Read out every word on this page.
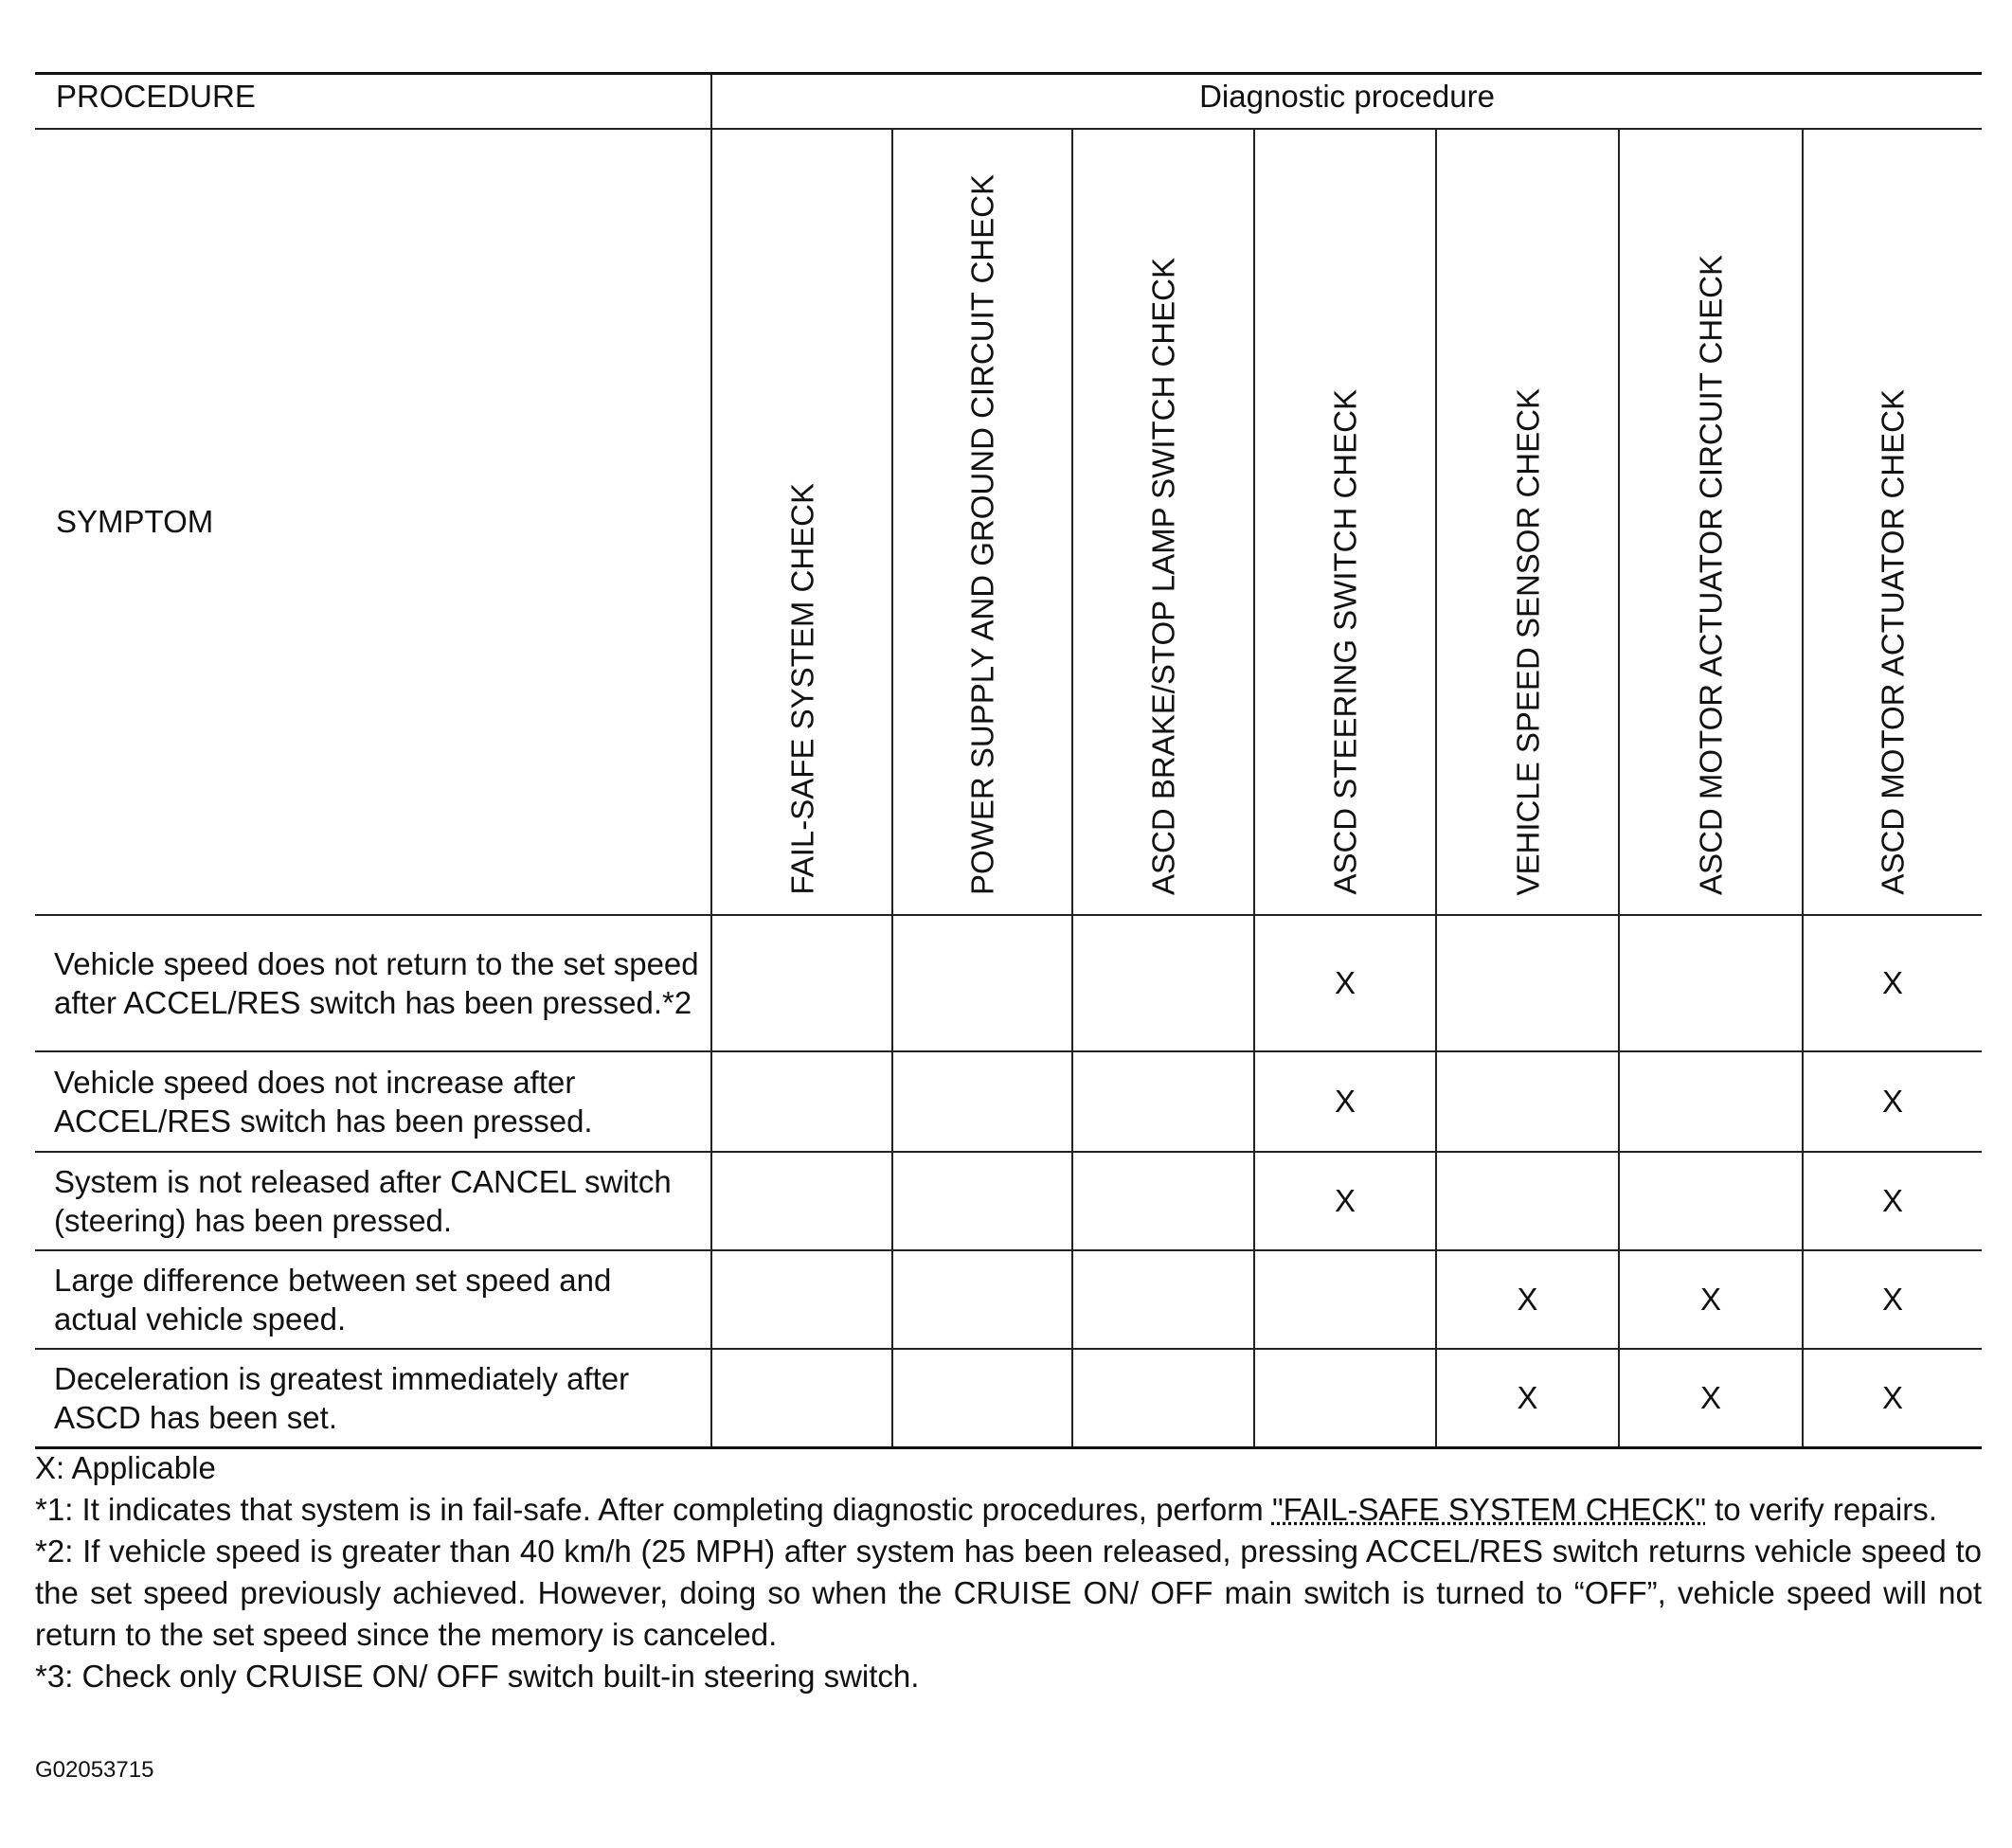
PROCEDURE	Diagnostic procedure						
SYMPTOM	FAIL-SAFE SYSTEM CHECK	POWER SUPPLY AND GROUND CIRCUIT CHECK	ASCD BRAKE/STOP LAMP SWITCH CHECK	ASCD STEERING SWITCH CHECK	VEHICLE SPEED SENSOR CHECK	ASCD MOTOR ACTUATOR CIRCUIT CHECK	ASCD MOTOR ACTUATOR CHECK

Vehicle speed does not return to the set speed after ACCEL/RES switch has been pressed.*2				X			X
Vehicle speed does not increase after ACCEL/RES switch has been pressed.				X			X
System is not released after CANCEL switch (steering) has been pressed.				X			X
Large difference between set speed and actual vehicle speed.					X	X	X
Deceleration is greatest immediately after ASCD has been set.					X	X	X

X: Applicable

*1: It indicates that system is in fail-safe. After completing diagnostic procedures, perform "FAIL-SAFE SYSTEM CHECK" to verify repairs.

*2: If vehicle speed is greater than 40 km/h (25 MPH) after system has been released, pressing ACCEL/RES switch returns vehicle speed to the set speed previously achieved. However, doing so when the CRUISE ON/ OFF main switch is turned to “OFF”, vehicle speed will not return to the set speed since the memory is canceled.

*3: Check only CRUISE ON/ OFF switch built-in steering switch.

G02053715
